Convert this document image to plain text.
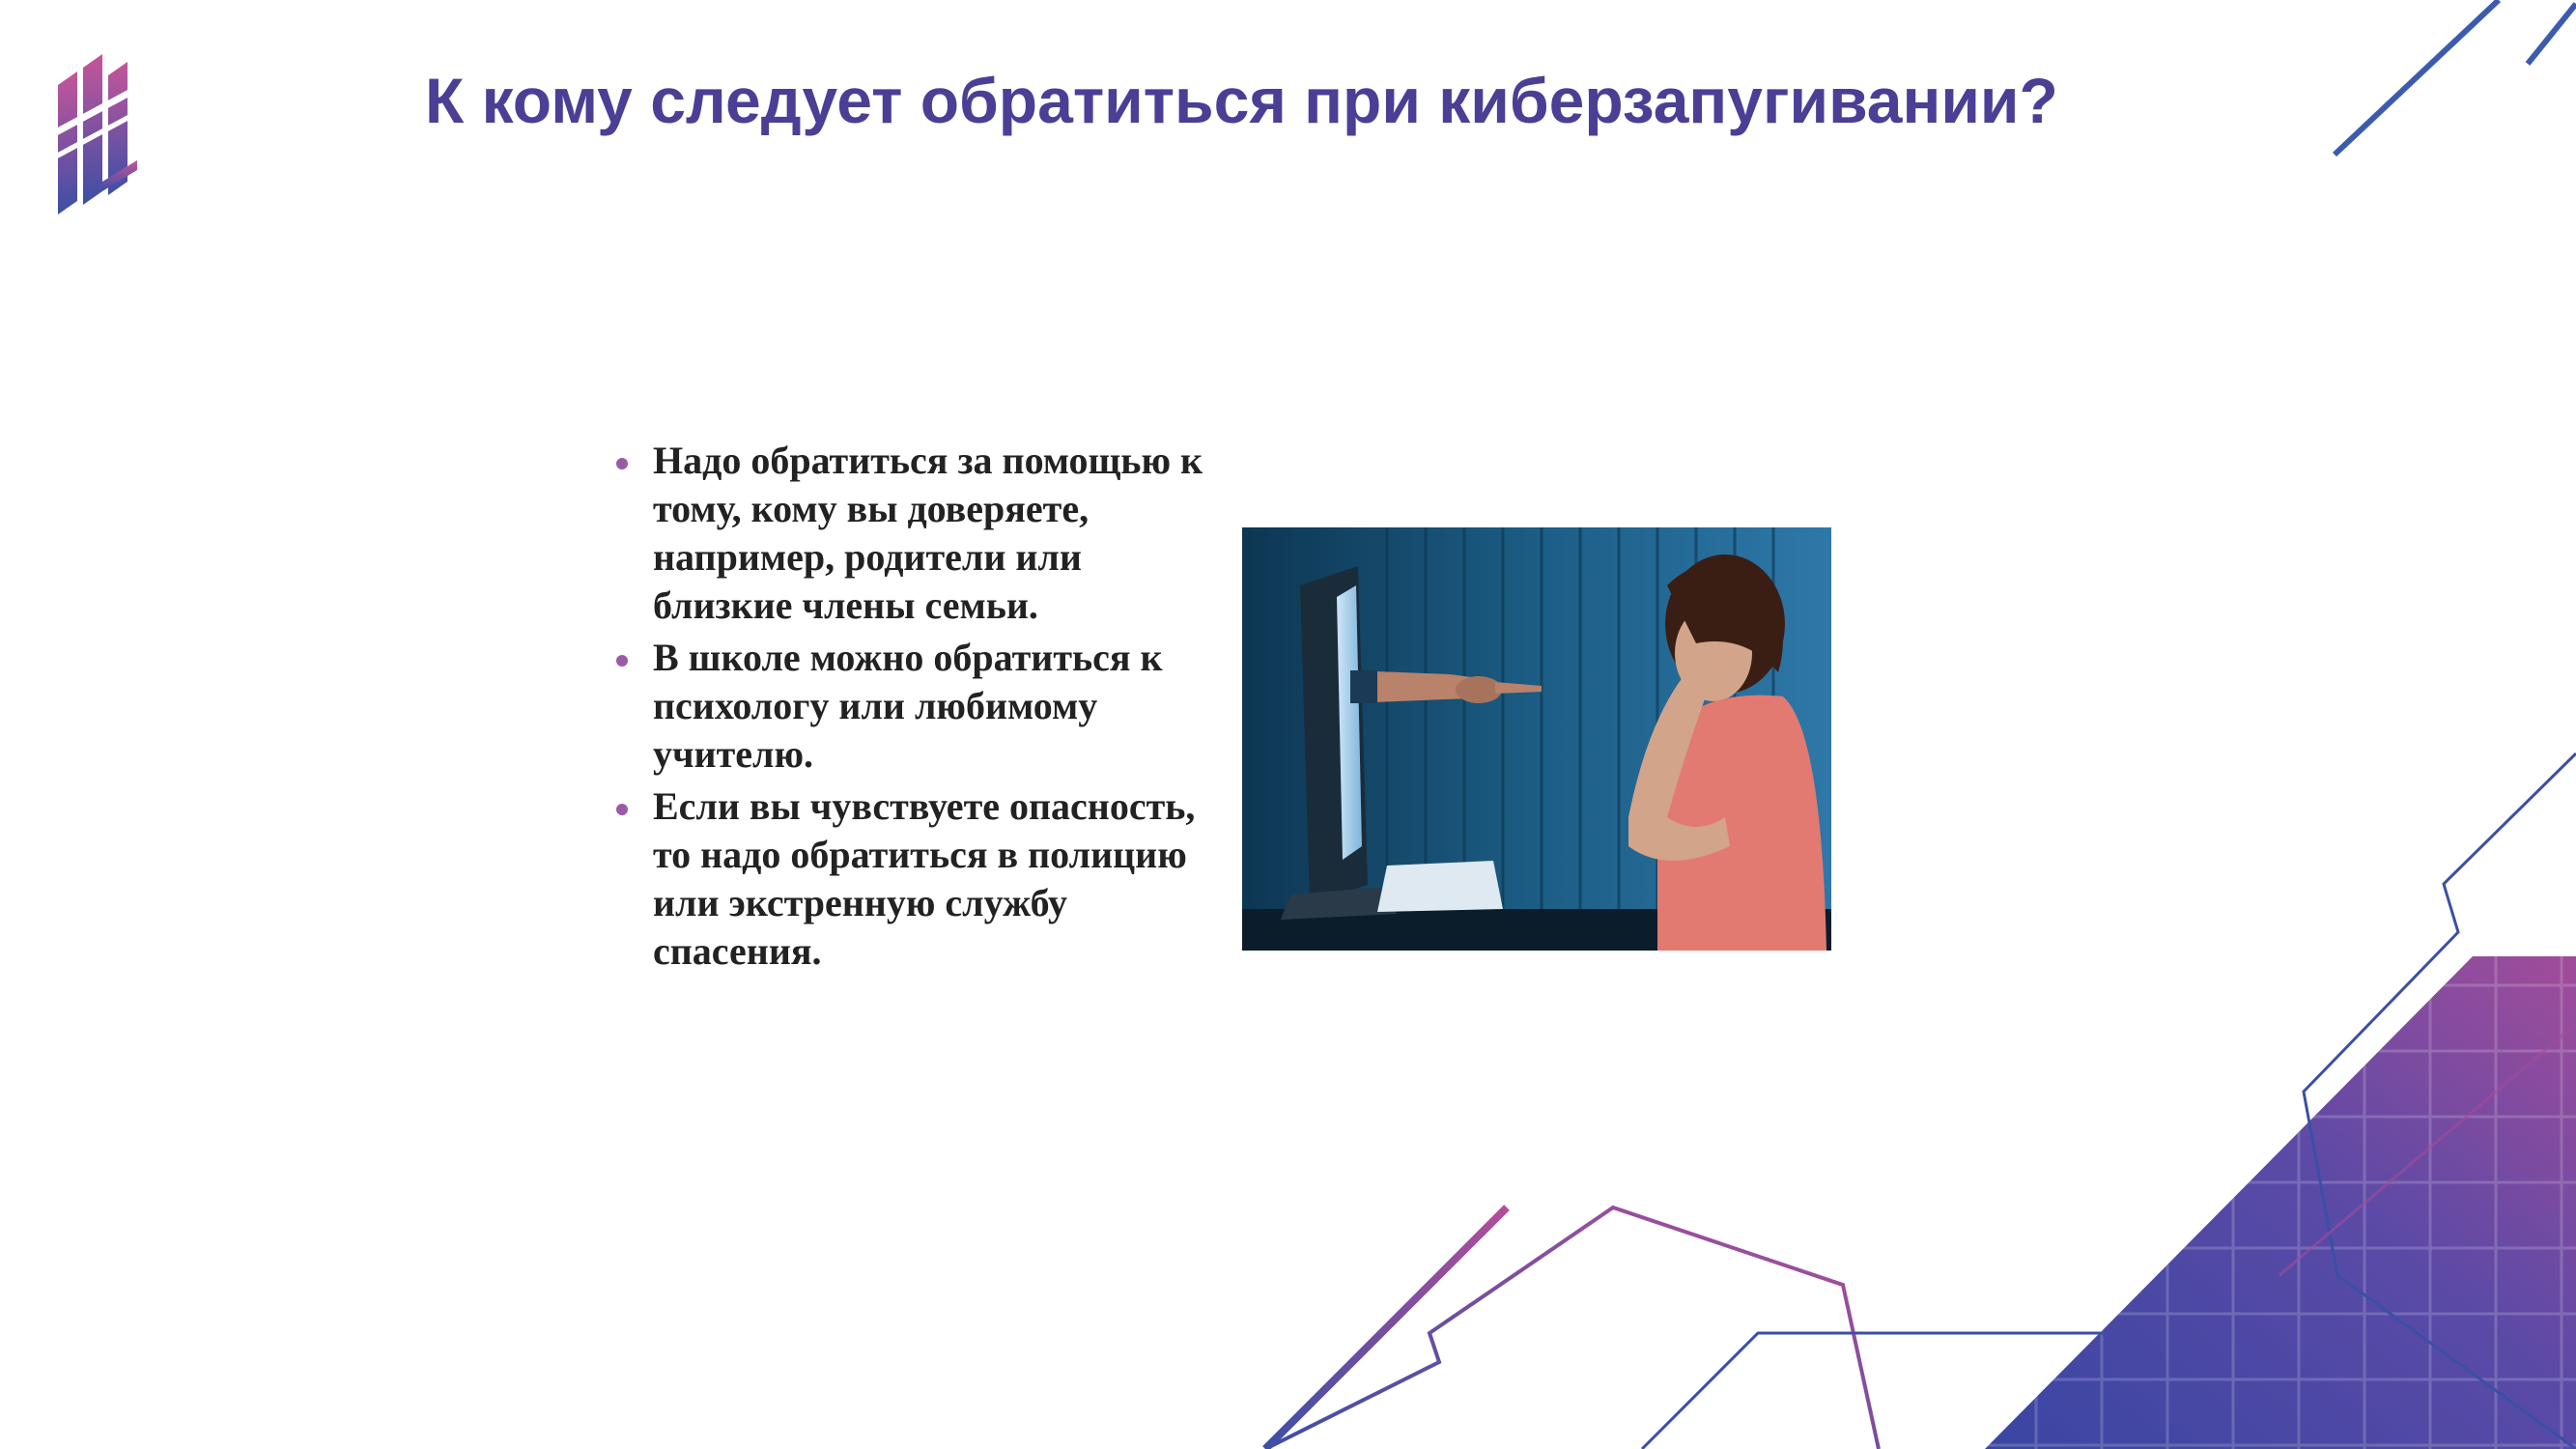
К кому следует обратиться при киберзапугивании?
Надо обратиться за помощью к тому, кому вы доверяете, например, родители или близкие члены семьи.
В школе можно обратиться к психологу или любимому учителю.
Если вы чувствуете опасность, то надо обратиться в полицию или экстренную службу спасения.
